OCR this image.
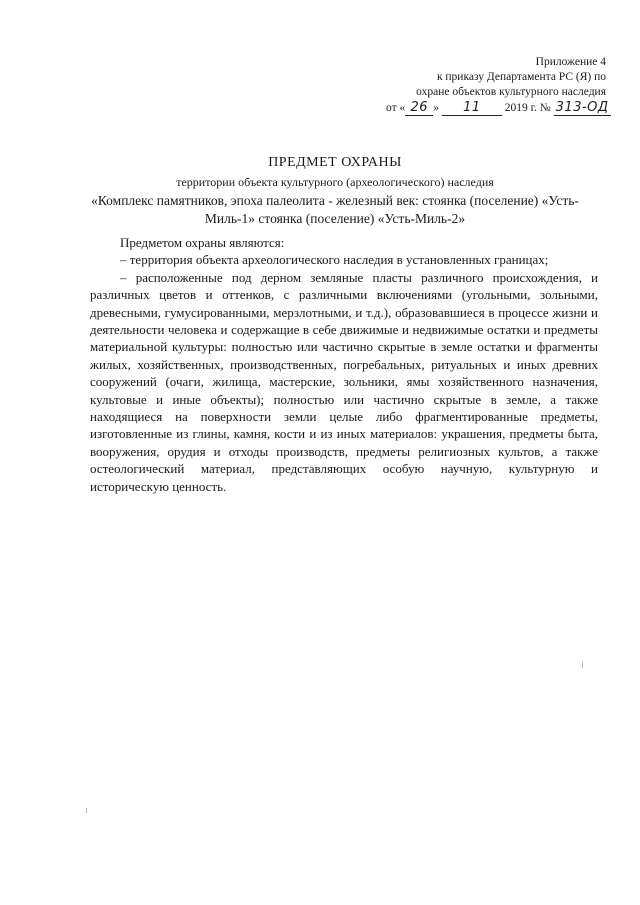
Приложение 4
к приказу Департамента РС (Я) по
охране объектов культурного наследия
от « 26 » 11 2019 г. № 313-ОД

ПРЕДМЕТ ОХРАНЫ

территории объекта культурного (археологического) наследия

«Комплекс памятников, эпоха палеолита - железный век: стоянка (поселение) «Усть-Миль-1» стоянка (поселение) «Усть-Миль-2»

Предметом охраны являются:

– территория объекта археологического наследия в установленных границах;

– расположенные под дерном земляные пласты различного происхождения, и различных цветов и оттенков, с различными включениями (угольными, зольными, древесными, гумусированными, мерзлотными, и т.д.), образовавшиеся в процессе жизни и деятельности человека и содержащие в себе движимые и недвижимые остатки и предметы материальной культуры: полностью или частично скрытые в земле остатки и фрагменты жилых, хозяйственных, производственных, погребальных, ритуальных и иных древних сооружений (очаги, жилища, мастерские, зольники, ямы хозяйственного назначения, культовые и иные объекты); полностью или частично скрытые в земле, а также находящиеся на поверхности земли целые либо фрагментированные предметы, изготовленные из глины, камня, кости и из иных материалов: украшения, предметы быта, вооружения, орудия и отходы производств, предметы религиозных культов, а также остеологический материал, представляющих особую научную, культурную и историческую ценность.
